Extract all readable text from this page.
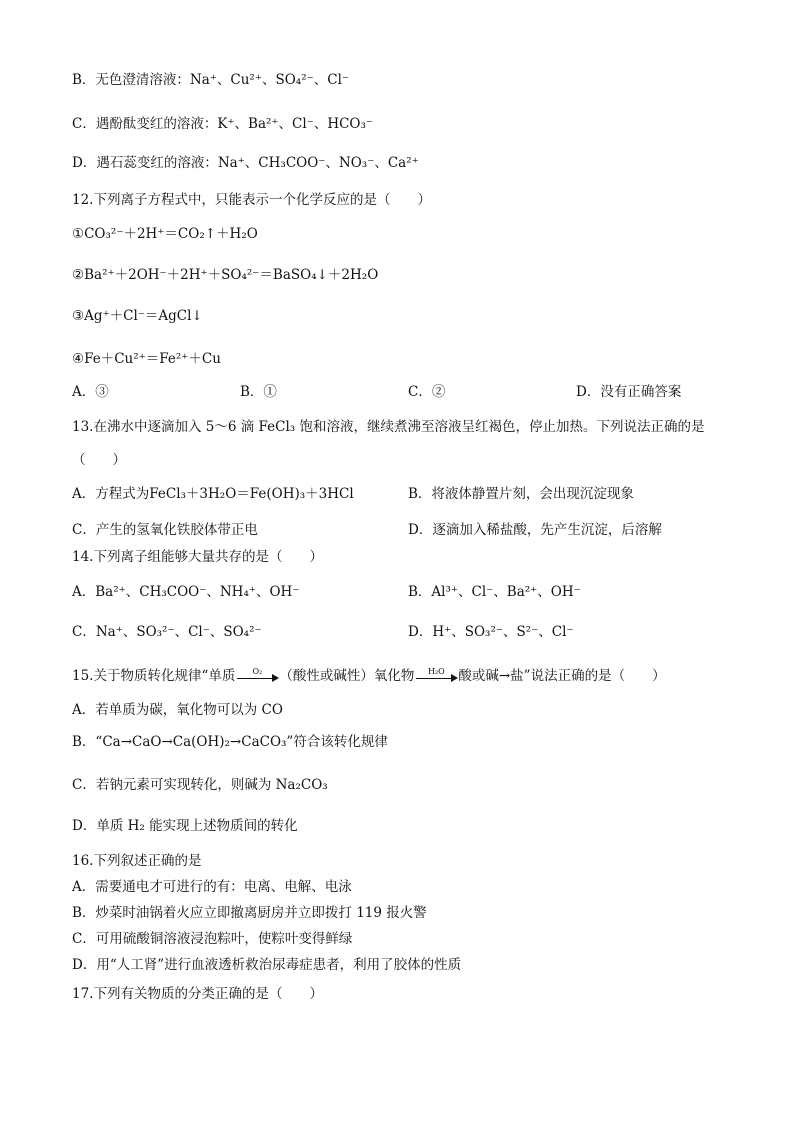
B．无色澄清溶液：Na⁺、Cu²⁺、SO₄²⁻、Cl⁻
C．遇酚酞变红的溶液：K⁺、Ba²⁺、Cl⁻、HCO₃⁻
D．遇石蕊变红的溶液：Na⁺、CH₃COO⁻、NO₃⁻、Ca²⁺
12.下列离子方程式中，只能表示一个化学反应的是（　　）
①CO₃²⁻＋2H⁺＝CO₂↑＋H₂O
②Ba²⁺＋2OH⁻＋2H⁺＋SO₄²⁻＝BaSO₄↓＋2H₂O
③Ag⁺＋Cl⁻＝AgCl↓
④Fe＋Cu²⁺＝Fe²⁺＋Cu
A．③	B．①	C．②	D．没有正确答案
13.在沸水中逐滴加入 5～6 滴 FeCl₃ 饱和溶液，继续煮沸至溶液呈红褐色，停止加热。下列说法正确的是
（　　）
A．方程式为FeCl₃＋3H₂O＝Fe(OH)₃＋3HCl	B．将液体静置片刻，会出现沉淀现象
C．产生的氢氧化铁胶体带正电	D．逐滴加入稀盐酸，先产生沉淀，后溶解
14.下列离子组能够大量共存的是（　　）
A．Ba²⁺、CH₃COO⁻、NH₄⁺、OH⁻	B．Al³⁺、Cl⁻、Ba²⁺、OH⁻
C．Na⁺、SO₃²⁻、Cl⁻、SO₄²⁻	D．H⁺、SO₃²⁻、S²⁻、Cl⁻
15.关于物质转化规律“单质	O₂	（酸性或碱性）氧化物	H₂O	酸或碱→盐”说法正确的是（　　）
A．若单质为碳，氧化物可以为 CO
B．“Ca→CaO→Ca(OH)₂→CaCO₃”符合该转化规律
C．若钠元素可实现转化，则碱为 Na₂CO₃
D．单质 H₂ 能实现上述物质间的转化
16.下列叙述正确的是
A．需要通电才可进行的有：电离、电解、电泳
B．炒菜时油锅着火应立即撤离厨房并立即拨打 119 报火警
C．可用硫酸铜溶液浸泡粽叶，使粽叶变得鲜绿
D．用“人工肾”进行血液透析救治尿毒症患者，利用了胶体的性质
17.下列有关物质的分类正确的是（　　）
